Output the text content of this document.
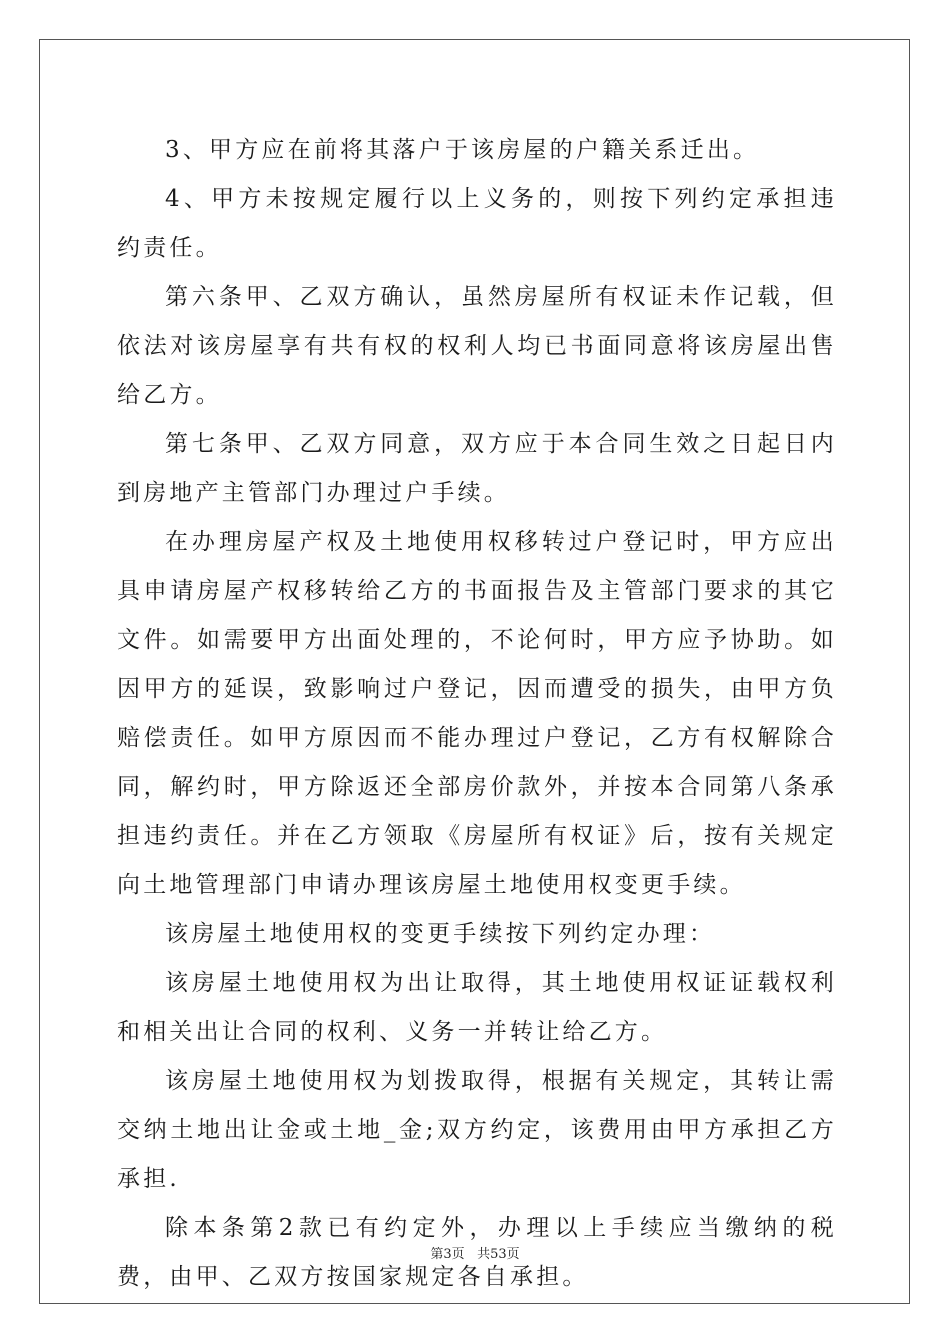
3、甲方应在前将其落户于该房屋的户籍关系迁出。

4、甲方未按规定履行以上义务的，则按下列约定承担违约责任。

第六条甲、乙双方确认，虽然房屋所有权证未作记载，但依法对该房屋享有共有权的权利人均已书面同意将该房屋出售给乙方。

第七条甲、乙双方同意，双方应于本合同生效之日起日内到房地产主管部门办理过户手续。

在办理房屋产权及土地使用权移转过户登记时，甲方应出具申请房屋产权移转给乙方的书面报告及主管部门要求的其它文件。如需要甲方出面处理的，不论何时，甲方应予协助。如因甲方的延误，致影响过户登记，因而遭受的损失，由甲方负赔偿责任。如甲方原因而不能办理过户登记，乙方有权解除合同，解约时，甲方除返还全部房价款外，并按本合同第八条承担违约责任。并在乙方领取《房屋所有权证》后，按有关规定向土地管理部门申请办理该房屋土地使用权变更手续。

该房屋土地使用权的变更手续按下列约定办理：

该房屋土地使用权为出让取得，其土地使用权证证载权利和相关出让合同的权利、义务一并转让给乙方。

该房屋土地使用权为划拨取得，根据有关规定，其转让需交纳土地出让金或土地_金;双方约定，该费用由甲方承担乙方承担.

除本条第2款已有约定外，办理以上手续应当缴纳的税费，由甲、乙双方按国家规定各自承担。

第3页 共53页
